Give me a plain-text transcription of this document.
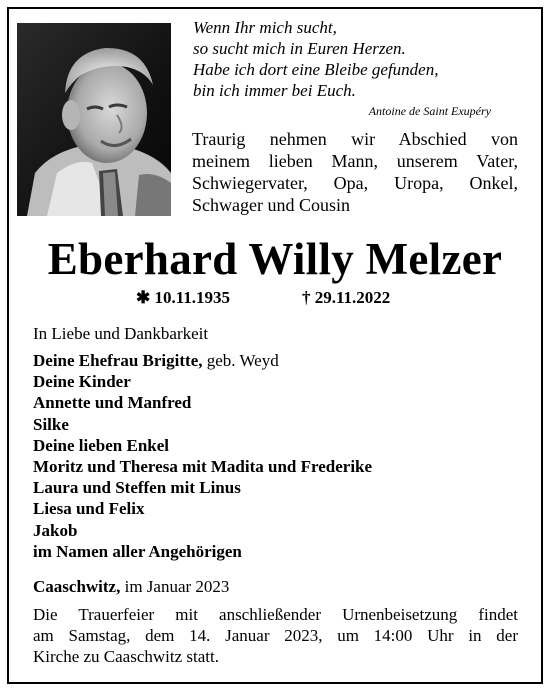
Wenn Ihr mich sucht,
so sucht mich in Euren Herzen.
Habe ich dort eine Bleibe gefunden,
bin ich immer bei Euch.
Antoine de Saint Exupéry
Traurig nehmen wir Abschied von
meinem lieben Mann, unserem Vater,
Schwiegervater, Opa, Uropa, Onkel,
Schwager und Cousin
Eberhard Willy Melzer
✱ 10.11.1935	† 29.11.2022
In Liebe und Dankbarkeit
Deine Ehefrau Brigitte, geb. Weyd
Deine Kinder
Annette und Manfred
Silke
Deine lieben Enkel
Moritz und Theresa mit Madita und Frederike
Laura und Steffen mit Linus
Liesa und Felix
Jakob
im Namen aller Angehörigen
Caaschwitz, im Januar 2023
Die Trauerfeier mit anschließender Urnenbeisetzung findet
am Samstag, dem 14. Januar 2023, um 14:00 Uhr in der
Kirche zu Caaschwitz statt.
